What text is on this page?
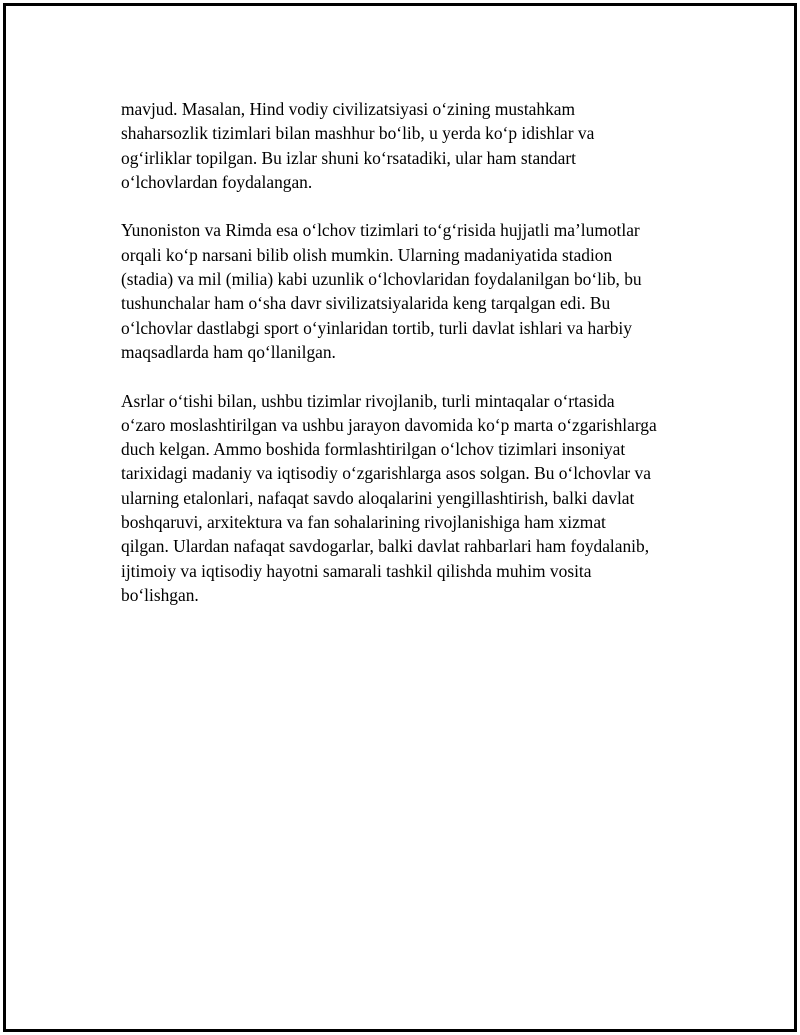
mavjud. Masalan, Hind vodiy civilizatsiyasi o‘zining mustahkam
shaharsozlik tizimlari bilan mashhur bo‘lib, u yerda ko‘p idishlar va
og‘irliklar topilgan. Bu izlar shuni ko‘rsatadiki, ular ham standart
o‘lchovlardan foydalangan.

Yunoniston va Rimda esa o‘lchov tizimlari to‘g‘risida hujjatli ma’lumotlar
orqali ko‘p narsani bilib olish mumkin. Ularning madaniyatida stadion
(stadia) va mil (milia) kabi uzunlik o‘lchovlaridan foydalanilgan bo‘lib, bu
tushunchalar ham o‘sha davr sivilizatsiyalarida keng tarqalgan edi. Bu
o‘lchovlar dastlabgi sport o‘yinlaridan tortib, turli davlat ishlari va harbiy
maqsadlarda ham qo‘llanilgan.

Asrlar o‘tishi bilan, ushbu tizimlar rivojlanib, turli mintaqalar o‘rtasida
o‘zaro moslashtirilgan va ushbu jarayon davomida ko‘p marta o‘zgarishlarga
duch kelgan. Ammo boshida formlashtirilgan o‘lchov tizimlari insoniyat
tarixidagi madaniy va iqtisodiy o‘zgarishlarga asos solgan. Bu o‘lchovlar va
ularning etalonlari, nafaqat savdo aloqalarini yengillashtirish, balki davlat
boshqaruvi, arxitektura va fan sohalarining rivojlanishiga ham xizmat
qilgan. Ulardan nafaqat savdogarlar, balki davlat rahbarlari ham foydalanib,
ijtimoiy va iqtisodiy hayotni samarali tashkil qilishda muhim vosita
bo‘lishgan.
